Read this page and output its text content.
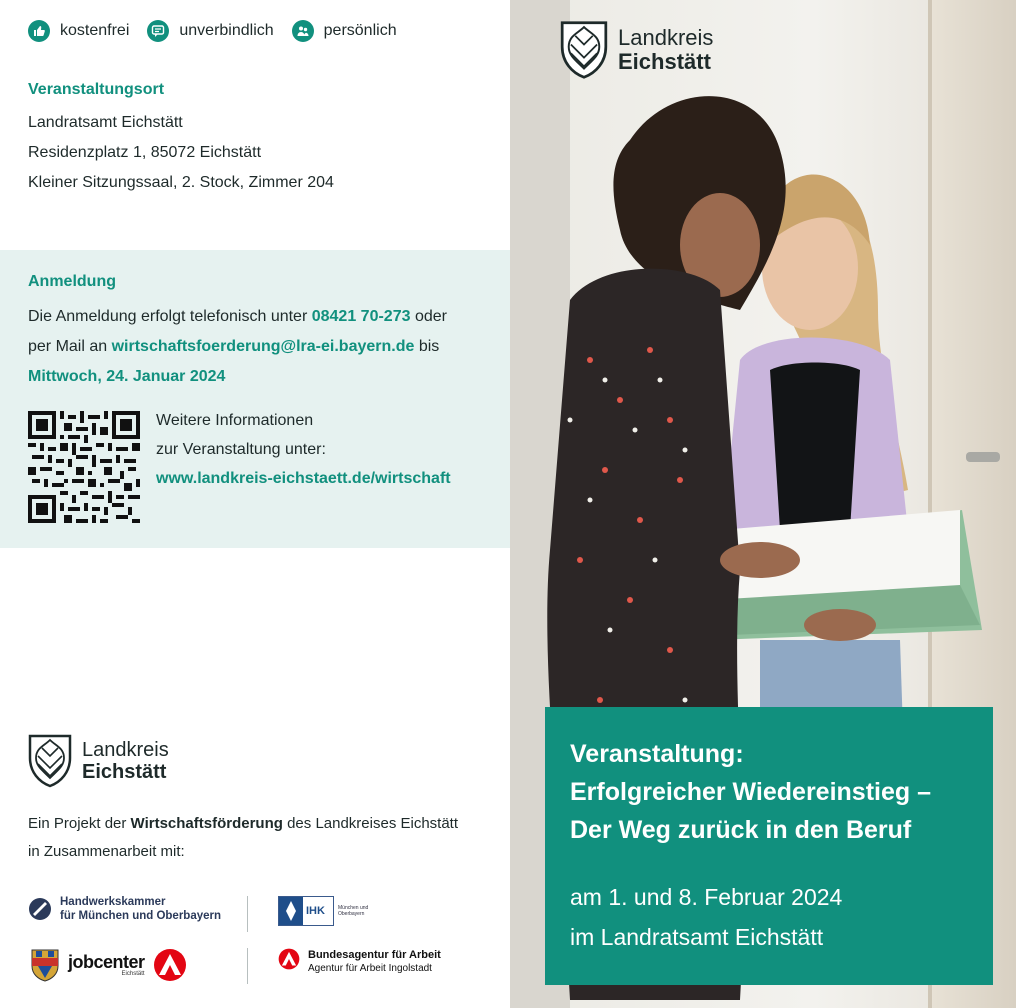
kostenfrei	unverbindlich	persönlich
Veranstaltungsort
Landratsamt Eichstätt
Residenzplatz 1, 85072 Eichstätt
Kleiner Sitzungssaal, 2. Stock, Zimmer 204
Anmeldung
Die Anmeldung erfolgt telefonisch unter 08421 70-273 oder
per Mail an wirtschaftsfoerderung@lra-ei.bayern.de bis
Mittwoch, 24. Januar 2024
Weitere Informationen
zur Veranstaltung unter:
www.landkreis-eichstaett.de/wirtschaft
Landkreis
Eichstätt
Ein Projekt der Wirtschaftsförderung des Landkreises Eichstätt
in Zusammenarbeit mit:
Handwerkskammer
für München und Oberbayern	IHK	München und
Oberbayern
jobcenter
Eichstätt
Bundesagentur für Arbeit
Agentur für Arbeit Ingolstadt
Landkreis
Eichstätt
Veranstaltung:
Erfolgreicher Wiedereinstieg –
Der Weg zurück in den Beruf
am 1. und 8. Februar 2024
im Landratsamt Eichstätt
